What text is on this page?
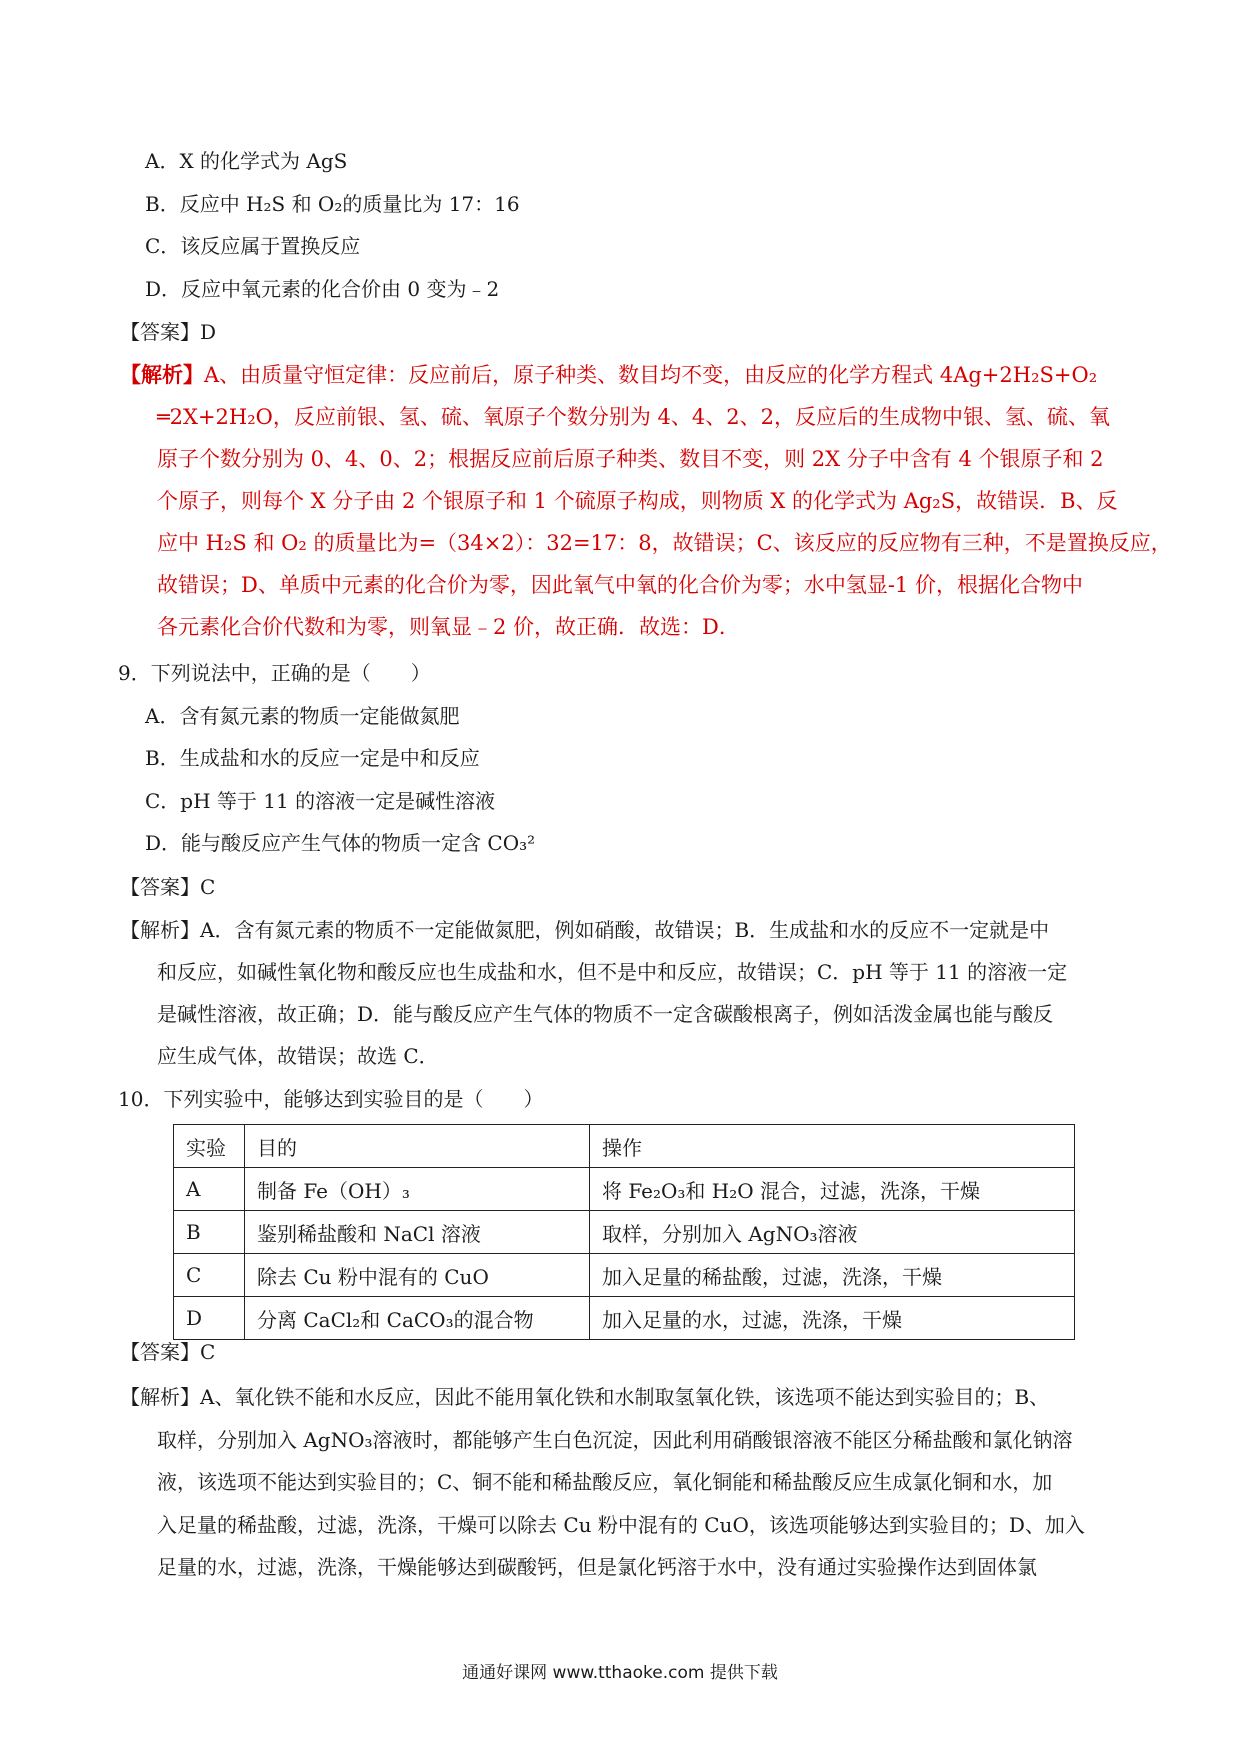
A．X 的化学式为 AgS
B．反应中 H₂S 和 O₂的质量比为 17：16
C．该反应属于置换反应
D．反应中氧元素的化合价由 0 变为﹣2
【答案】D
【解析】A、由质量守恒定律：反应前后，原子种类、数目均不变，由反应的化学方程式 4Ag+2H₂S+O₂
═2X+2H₂O，反应前银、氢、硫、氧原子个数分别为 4、4、2、2，反应后的生成物中银、氢、硫、氧
原子个数分别为 0、4、0、2；根据反应前后原子种类、数目不变，则 2X 分子中含有 4 个银原子和 2
个原子，则每个 X 分子由 2 个银原子和 1 个硫原子构成，则物质 X 的化学式为 Ag₂S，故错误．B、反
应中 H₂S 和 O₂ 的质量比为=（34×2）：32=17：8，故错误；C、该反应的反应物有三种，不是置换反应，
故错误；D、单质中元素的化合价为零，因此氧气中氧的化合价为零；水中氢显-1 价，根据化合物中
各元素化合价代数和为零，则氧显﹣2 价，故正确．故选：D．
9．下列说法中，正确的是（　　）
A．含有氮元素的物质一定能做氮肥
B．生成盐和水的反应一定是中和反应
C．pH 等于 11 的溶液一定是碱性溶液
D．能与酸反应产生气体的物质一定含 CO₃²
【答案】C
【解析】A．含有氮元素的物质不一定能做氮肥，例如硝酸，故错误；B．生成盐和水的反应不一定就是中
和反应，如碱性氧化物和酸反应也生成盐和水，但不是中和反应，故错误；C．pH 等于 11 的溶液一定
是碱性溶液，故正确；D．能与酸反应产生气体的物质不一定含碳酸根离子，例如活泼金属也能与酸反
应生成气体，故错误；故选 C．
10．下列实验中，能够达到实验目的是（　　）
实验	目的	操作
A	制备 Fe（OH）₃	将 Fe₂O₃和 H₂O 混合，过滤，洗涤，干燥
B	鉴别稀盐酸和 NaCl 溶液	取样，分别加入 AgNO₃溶液
C	除去 Cu 粉中混有的 CuO	加入足量的稀盐酸，过滤，洗涤，干燥
D	分离 CaCl₂和 CaCO₃的混合物	加入足量的水，过滤，洗涤，干燥
【答案】C
【解析】A、氧化铁不能和水反应，因此不能用氧化铁和水制取氢氧化铁，该选项不能达到实验目的；B、
取样，分别加入 AgNO₃溶液时，都能够产生白色沉淀，因此利用硝酸银溶液不能区分稀盐酸和氯化钠溶
液，该选项不能达到实验目的；C、铜不能和稀盐酸反应，氧化铜能和稀盐酸反应生成氯化铜和水，加
入足量的稀盐酸，过滤，洗涤，干燥可以除去 Cu 粉中混有的 CuO，该选项能够达到实验目的；D、加入
足量的水，过滤，洗涤，干燥能够达到碳酸钙，但是氯化钙溶于水中，没有通过实验操作达到固体氯
通通好课网 www.tthaoke.com 提供下载
